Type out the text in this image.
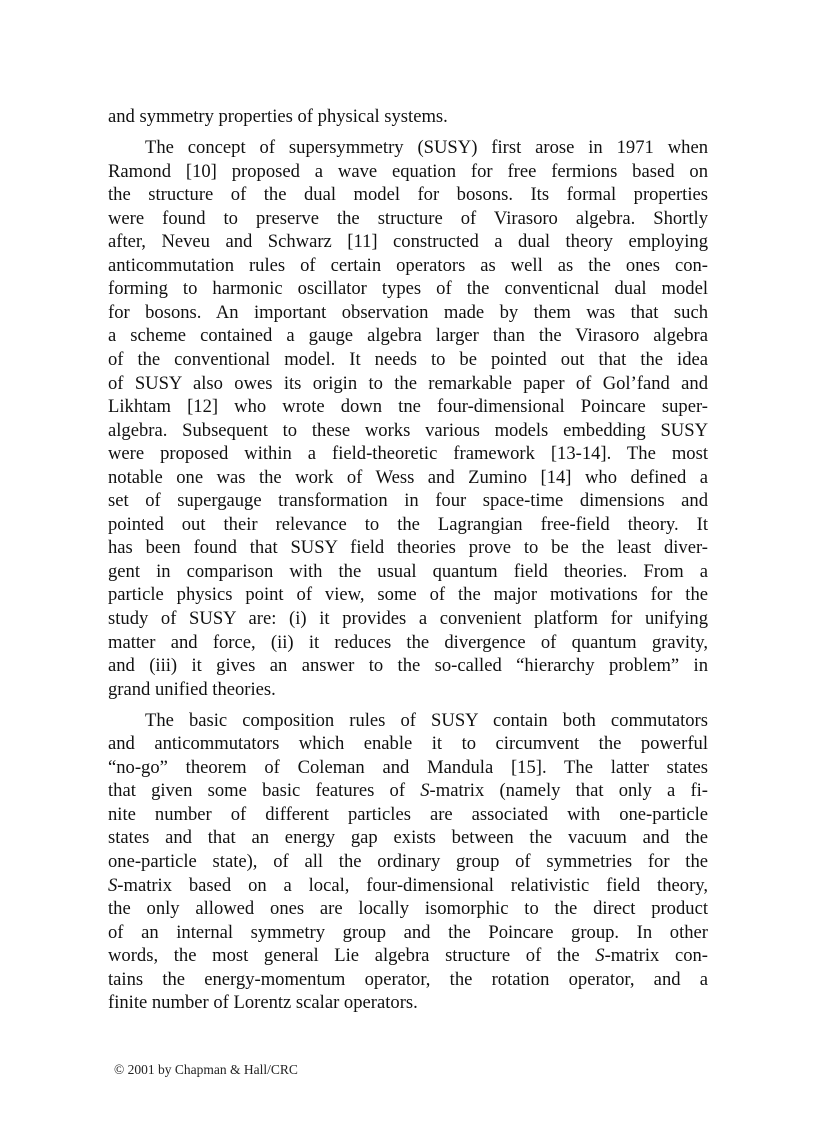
and symmetry properties of physical systems.
The concept of supersymmetry (SUSY) first arose in 1971 when
Ramond [10] proposed a wave equation for free fermions based on
the structure of the dual model for bosons. Its formal properties
were found to preserve the structure of Virasoro algebra. Shortly
after, Neveu and Schwarz [11] constructed a dual theory employing
anticommutation rules of certain operators as well as the ones con-
forming to harmonic oscillator types of the conventicnal dual model
for bosons. An important observation made by them was that such
a scheme contained a gauge algebra larger than the Virasoro algebra
of the conventional model. It needs to be pointed out that the idea
of SUSY also owes its origin to the remarkable paper of Gol’fand and
Likhtam [12] who wrote down tne four-dimensional Poincare super-
algebra. Subsequent to these works various models embedding SUSY
were proposed within a field-theoretic framework [13-14]. The most
notable one was the work of Wess and Zumino [14] who defined a
set of supergauge transformation in four space-time dimensions and
pointed out their relevance to the Lagrangian free-field theory. It
has been found that SUSY field theories prove to be the least diver-
gent in comparison with the usual quantum field theories. From a
particle physics point of view, some of the major motivations for the
study of SUSY are: (i) it provides a convenient platform for unifying
matter and force, (ii) it reduces the divergence of quantum gravity,
and (iii) it gives an answer to the so-called “hierarchy problem” in
grand unified theories.
The basic composition rules of SUSY contain both commutators
and anticommutators which enable it to circumvent the powerful
“no-go” theorem of Coleman and Mandula [15]. The latter states
that given some basic features of S-matrix (namely that only a fi-
nite number of different particles are associated with one-particle
states and that an energy gap exists between the vacuum and the
one-particle state), of all the ordinary group of symmetries for the
S-matrix based on a local, four-dimensional relativistic field theory,
the only allowed ones are locally isomorphic to the direct product
of an internal symmetry group and the Poincare group. In other
words, the most general Lie algebra structure of the S-matrix con-
tains the energy-momentum operator, the rotation operator, and a
finite number of Lorentz scalar operators.
© 2001 by Chapman & Hall/CRC
